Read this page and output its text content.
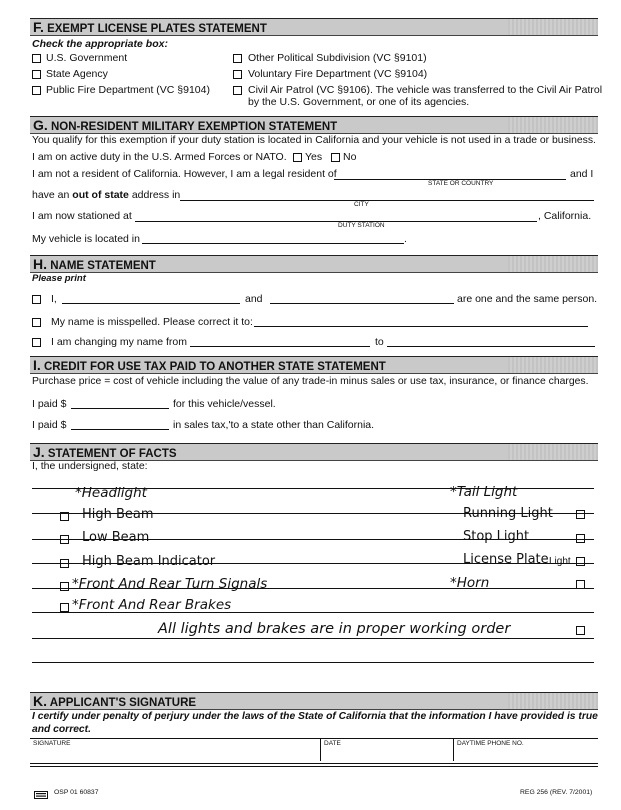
F. EXEMPT LICENSE PLATES STATEMENT
Check the appropriate box:
U.S. Government
State Agency
Public Fire Department (VC §9104)
Other Political Subdivision (VC §9101)
Voluntary Fire Department (VC §9104)
Civil Air Patrol (VC §9106). The vehicle was transferred to the Civil Air Patrol
by the U.S. Government, or one of its agencies.
G. NON-RESIDENT MILITARY EXEMPTION STATEMENT
You qualify for this exemption if your duty station is located in California and your vehicle is not used in a trade or business.
I am on active duty in the U.S. Armed Forces or NATO. Yes No
I am not a resident of California. However, I am a legal resident of
STATE OR COUNTRY
and I
have an out of state address in
CITY
I am now stationed at	, California.
DUTY STATION
My vehicle is located in	.
H. NAME STATEMENT
Please print
I,	and	are one and the same person.
My name is misspelled. Please correct it to:
I am changing my name from	to
I. CREDIT FOR USE TAX PAID TO ANOTHER STATE STATEMENT
Purchase price = cost of vehicle including the value of any trade-in minus sales or use tax, insurance, or finance charges.
I paid $	for this vehicle/vessel.
I paid $	in sales tax,'to a state other than California.
J. STATEMENT OF FACTS
I, the undersigned, state:
*Headlight	*Tail Light
High Beam	Running Light
Low Beam	Stop Light
High Beam Indicator	License Plate Light
*Front And Rear Turn Signals	*Horn
*Front And Rear Brakes
All lights and brakes are in proper working order
K. APPLICANT'S SIGNATURE
I certify under penalty of perjury under the laws of the State of California that the information I have provided is true
and correct.
SIGNATURE	DATE	DAYTIME PHONE NO.
OSP 01 60837	REG 256 (REV. 7/2001)
